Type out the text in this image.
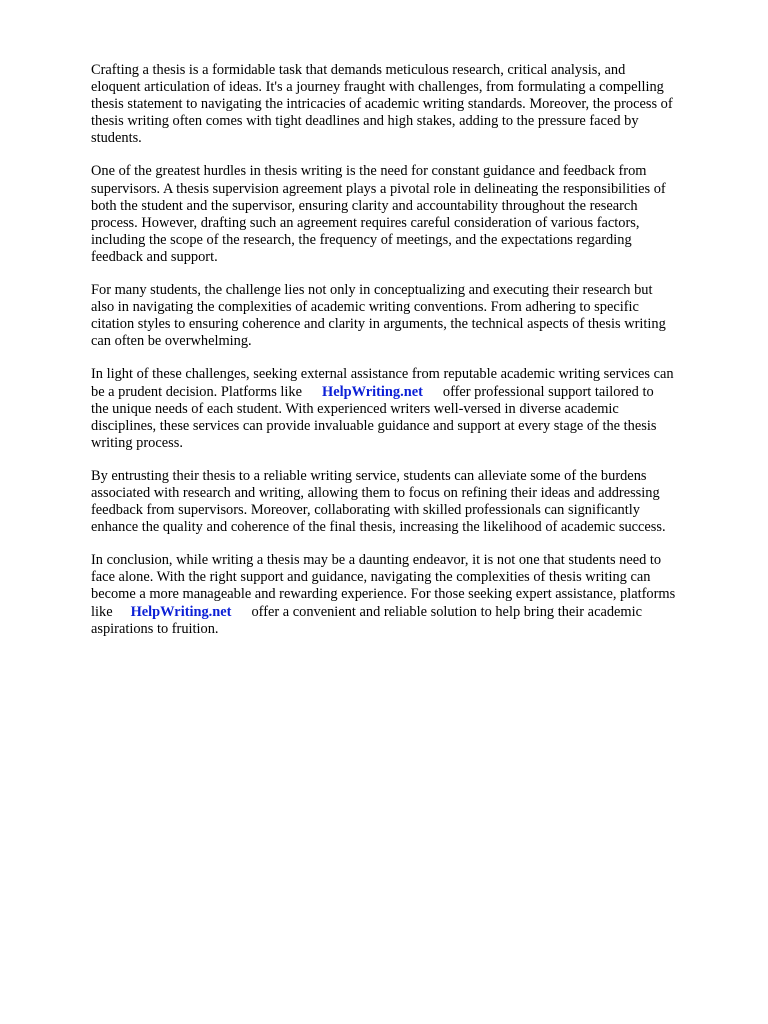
Crafting a thesis is a formidable task that demands meticulous research, critical analysis, and
eloquent articulation of ideas. It's a journey fraught with challenges, from formulating a compelling
thesis statement to navigating the intricacies of academic writing standards. Moreover, the process of
thesis writing often comes with tight deadlines and high stakes, adding to the pressure faced by
students.

One of the greatest hurdles in thesis writing is the need for constant guidance and feedback from
supervisors. A thesis supervision agreement plays a pivotal role in delineating the responsibilities of
both the student and the supervisor, ensuring clarity and accountability throughout the research
process. However, drafting such an agreement requires careful consideration of various factors,
including the scope of the research, the frequency of meetings, and the expectations regarding
feedback and support.

For many students, the challenge lies not only in conceptualizing and executing their research but
also in navigating the complexities of academic writing conventions. From adhering to specific
citation styles to ensuring coherence and clarity in arguments, the technical aspects of thesis writing
can often be overwhelming.

In light of these challenges, seeking external assistance from reputable academic writing services can
be a prudent decision. Platforms like HelpWriting.net offer professional support tailored to
the unique needs of each student. With experienced writers well-versed in diverse academic
disciplines, these services can provide invaluable guidance and support at every stage of the thesis
writing process.

By entrusting their thesis to a reliable writing service, students can alleviate some of the burdens
associated with research and writing, allowing them to focus on refining their ideas and addressing
feedback from supervisors. Moreover, collaborating with skilled professionals can significantly
enhance the quality and coherence of the final thesis, increasing the likelihood of academic success.

In conclusion, while writing a thesis may be a daunting endeavor, it is not one that students need to
face alone. With the right support and guidance, navigating the complexities of thesis writing can
become a more manageable and rewarding experience. For those seeking expert assistance, platforms
like HelpWriting.net offer a convenient and reliable solution to help bring their academic
aspirations to fruition.
